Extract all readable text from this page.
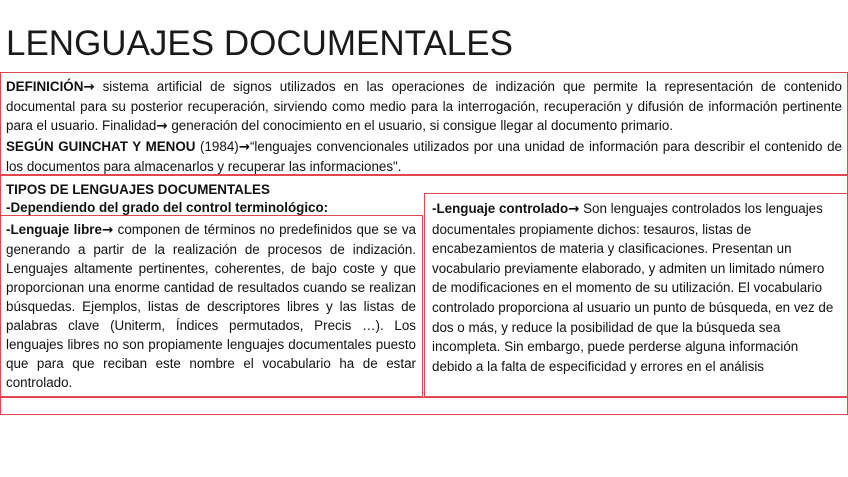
LENGUAJES DOCUMENTALES

DEFINICIÓN→ sistema artificial de signos utilizados en las operaciones de indización que permite la representación de contenido documental para su posterior recuperación, sirviendo como medio para la interrogación, recuperación y difusión de información pertinente para el usuario. Finalidad→ generación del conocimiento en el usuario, si consigue llegar al documento primario.

SEGÚN GUINCHAT Y MENOU (1984)→“lenguajes convencionales utilizados por una unidad de información para describir el contenido de los documentos para almacenarlos y recuperar las informaciones".

TIPOS DE LENGUAJES DOCUMENTALES
-Dependiendo del grado del control terminológico:

-Lenguaje libre→ componen de términos no predefinidos que se va generando a partir de la realización de procesos de indización. Lenguajes altamente pertinentes, coherentes, de bajo coste y que proporcionan una enorme cantidad de resultados cuando se realizan búsquedas. Ejemplos, listas de descriptores libres y las listas de palabras clave (Uniterm, Índices permutados, Precis …). Los lenguajes libres no son propiamente lenguajes documentales puesto que para que reciban este nombre el vocabulario ha de estar controlado.

-Lenguaje controlado→ Son lenguajes controlados los lenguajes documentales propiamente dichos: tesauros, listas de encabezamientos de materia y clasificaciones. Presentan un vocabulario previamente elaborado, y admiten un limitado número de modificaciones en el momento de su utilización. El vocabulario controlado proporciona al usuario un punto de búsqueda, en vez de dos o más, y reduce la posibilidad de que la búsqueda sea incompleta. Sin embargo, puede perderse alguna información debido a la falta de especificidad y errores en el análisis
